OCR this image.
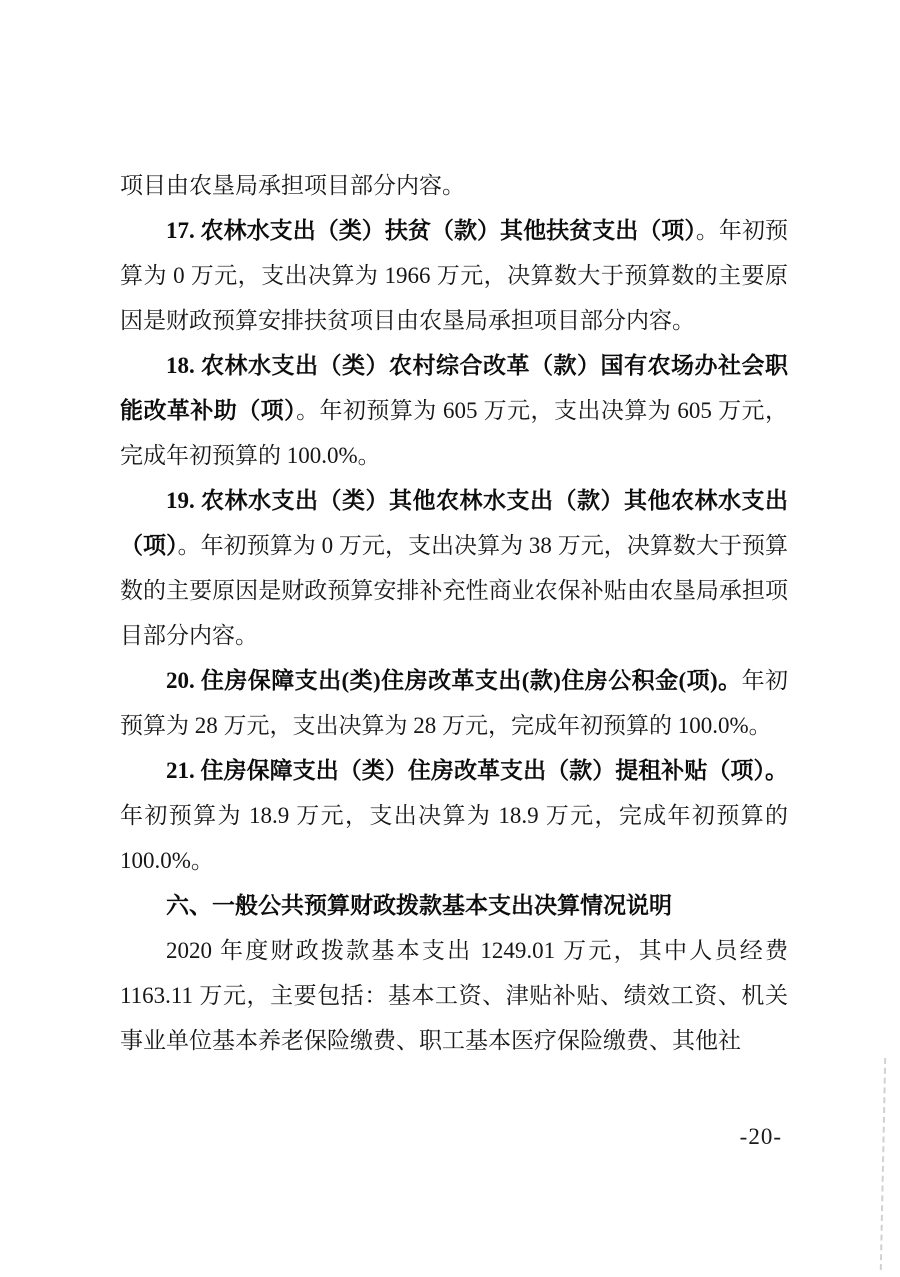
项目由农垦局承担项目部分内容。

17. 农林水支出（类）扶贫（款）其他扶贫支出（项）。年初预算为 0 万元，支出决算为 1966 万元，决算数大于预算数的主要原因是财政预算安排扶贫项目由农垦局承担项目部分内容。

18. 农林水支出（类）农村综合改革（款）国有农场办社会职能改革补助（项）。年初预算为 605 万元，支出决算为 605 万元，完成年初预算的 100.0%。

19. 农林水支出（类）其他农林水支出（款）其他农林水支出（项）。年初预算为 0 万元，支出决算为 38 万元，决算数大于预算数的主要原因是财政预算安排补充性商业农保补贴由农垦局承担项目部分内容。

20. 住房保障支出(类)住房改革支出(款)住房公积金(项)。年初预算为 28 万元，支出决算为 28 万元，完成年初预算的 100.0%。

21. 住房保障支出（类）住房改革支出（款）提租补贴（项）。年初预算为 18.9 万元，支出决算为 18.9 万元，完成年初预算的 100.0%。

六、一般公共预算财政拨款基本支出决算情况说明

2020 年度财政拨款基本支出 1249.01 万元，其中人员经费 1163.11 万元，主要包括：基本工资、津贴补贴、绩效工资、机关事业单位基本养老保险缴费、职工基本医疗保险缴费、其他社

-20-
